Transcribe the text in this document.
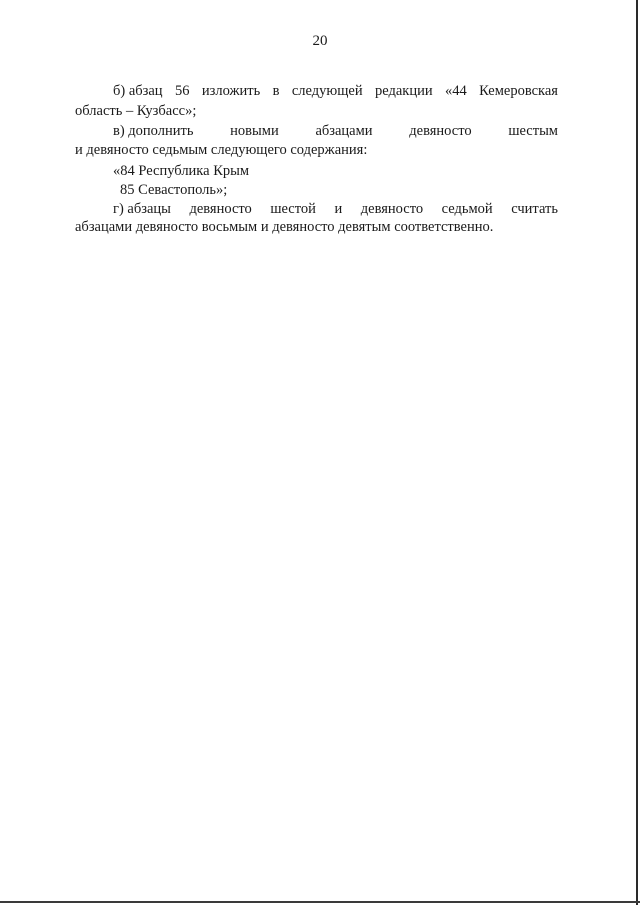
20
б) абзац 56 изложить в следующей редакции «44 Кемеровская
область – Кузбасс»;
в) дополнить	новыми	абзацами	девяносто	шестым
и девяносто седьмым следующего содержания:
«84 Республика Крым
85 Севастополь»;
г) абзацы девяносто шестой и девяносто седьмой считать
абзацами девяносто восьмым и девяносто девятым соответственно.
